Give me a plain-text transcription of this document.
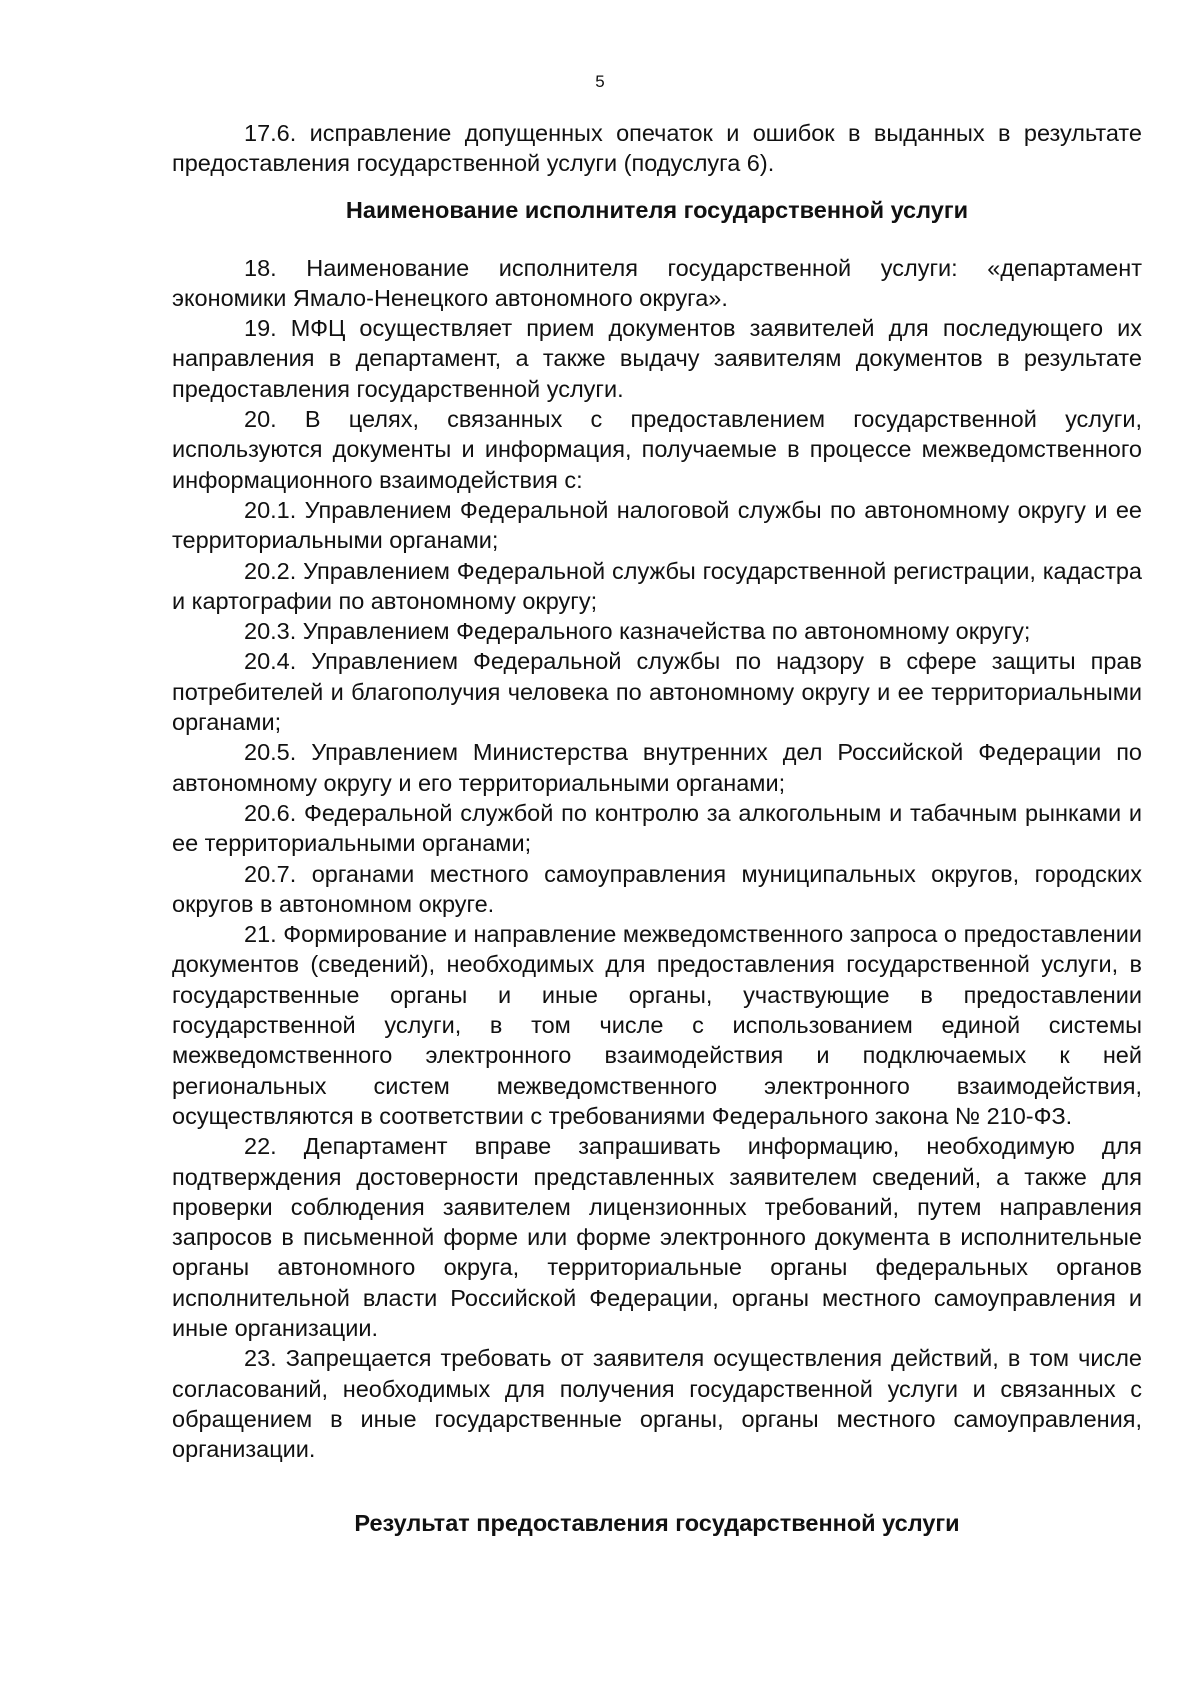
5

17.6. исправление допущенных опечаток и ошибок в выданных в результате предоставления государственной услуги (подуслуга 6).

Наименование исполнителя государственной услуги

18. Наименование исполнителя государственной услуги: «департамент экономики Ямало-Ненецкого автономного округа».

19. МФЦ осуществляет прием документов заявителей для последующего их направления в департамент, а также выдачу заявителям документов в результате предоставления государственной услуги.

20. В целях, связанных с предоставлением государственной услуги, используются документы и информация, получаемые в процессе межведомственного информационного взаимодействия с:

20.1. Управлением Федеральной налоговой службы по автономному округу и ее территориальными органами;

20.2. Управлением Федеральной службы государственной регистрации, кадастра и картографии по автономному округу;

20.3. Управлением Федерального казначейства по автономному округу;

20.4. Управлением Федеральной службы по надзору в сфере защиты прав потребителей и благополучия человека по автономному округу и ее территориальными органами;

20.5. Управлением Министерства внутренних дел Российской Федерации по автономному округу и его территориальными органами;

20.6. Федеральной службой по контролю за алкогольным и табачным рынками и ее территориальными органами;

20.7. органами местного самоуправления муниципальных округов, городских округов в автономном округе.

21. Формирование и направление межведомственного запроса о предоставлении документов (сведений), необходимых для предоставления государственной услуги, в государственные органы и иные органы, участвующие в предоставлении государственной услуги, в том числе с использованием единой системы межведомственного электронного взаимодействия и подключаемых к ней региональных систем межведомственного электронного взаимодействия, осуществляются в соответствии с требованиями Федерального закона № 210-ФЗ.

22. Департамент вправе запрашивать информацию, необходимую для подтверждения достоверности представленных заявителем сведений, а также для проверки соблюдения заявителем лицензионных требований, путем направления запросов в письменной форме или форме электронного документа в исполнительные органы автономного округа, территориальные органы федеральных органов исполнительной власти Российской Федерации, органы местного самоуправления и иные организации.

23. Запрещается требовать от заявителя осуществления действий, в том числе согласований, необходимых для получения государственной услуги и связанных с обращением в иные государственные органы, органы местного самоуправления, организации.

Результат предоставления государственной услуги
